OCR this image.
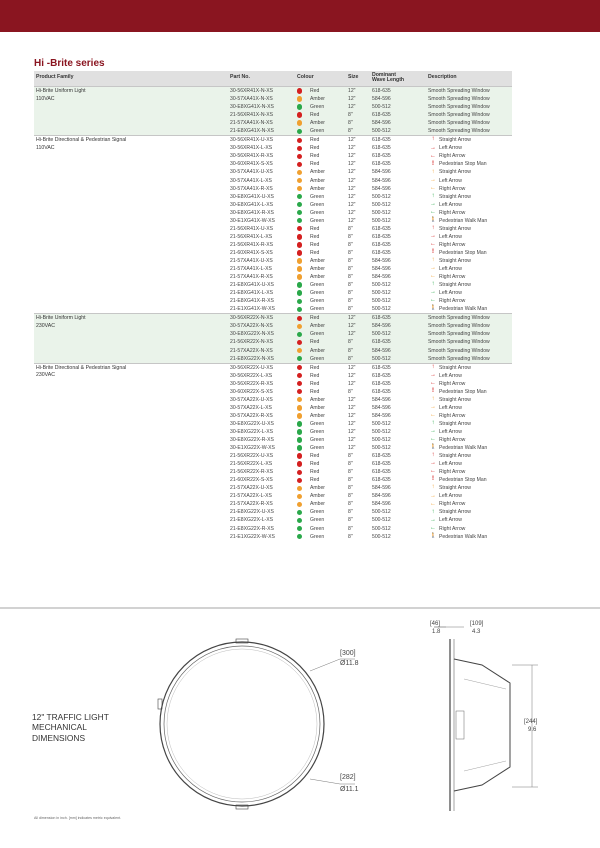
Hi -Brite series
Product Family	Part No.	Colour	Size	Dominant
Wave Length
Description
Hi-Brite Uniform Light
110VAC
30-56XR41X-N-XS	Red	12"	618-635	Smooth Spreading Window
30-57XA41X-N-XS	Amber	12"	584-596	Smooth Spreading Window
30-E8XG41X-N-XS	Green	12"	500-512	Smooth Spreading Window
21-56XR41X-N-XS	Red	8"	618-635	Smooth Spreading Window
21-57XA41X-N-XS	Amber	8"	584-596	Smooth Spreading Window
21-E8XG41X-N-XS	Green	8"	500-512	Smooth Spreading Window
Hi-Brite Directional & Pedestrian Signal
110VAC
30-56XR41X-U-XS	Red	12"	618-635	↑ Straight Arrow
30-56XR41X-L-XS	Red	12"	618-635	→ Left Arrow
30-56XR41X-R-XS	Red	12"	618-635	← Right Arrow
30-60XR41X-S-XS	Red	12"	618-635	! Pedestrian Stop Man
30-57XA41X-U-XS	Amber	12"	584-596	↑ Straight Arrow
30-57XA41X-L-XS	Amber	12"	584-596	→ Left Arrow
30-57XA41X-R-XS	Amber	12"	584-596	← Right Arrow
30-E8XG41X-U-XS	Green	12"	500-512	↑ Straight Arrow
30-E8XG41X-L-XS	Green	12"	500-512	→ Left Arrow
30-E8XG41X-R-XS	Green	12"	500-512	← Right Arrow
30-E1XG41X-W-XS	Green	12"	500-512	🚶 Pedestrian Walk Man
21-56XR41X-U-XS	Red	8"	618-635	↑ Straight Arrow
21-56XR41X-L-XS	Red	8"	618-635	→ Left Arrow
21-56XR41X-R-XS	Red	8"	618-635	← Right Arrow
21-60XR41X-S-XS	Red	8"	618-635	! Pedestrian Stop Man
21-57XA41X-U-XS	Amber	8"	584-596	↑ Straight Arrow
21-57XA41X-L-XS	Amber	8"	584-596	→ Left Arrow
21-57XA41X-R-XS	Amber	8"	584-596	← Right Arrow
21-E8XG41X-U-XS	Green	8"	500-512	↑ Straight Arrow
21-E8XG41X-L-XS	Green	8"	500-512	→ Left Arrow
21-E8XG41X-R-XS	Green	8"	500-512	← Right Arrow
21-E1XG41X-W-XS	Green	8"	500-512	🚶 Pedestrian Walk Man
Hi-Brite Uniform Light
230VAC
30-56XR22X-N-XS	Red	12"	618-635	Smooth Spreading Window
30-57XA22X-N-XS	Amber	12"	584-596	Smooth Spreading Window
30-E8XG22X-N-XS	Green	12"	500-512	Smooth Spreading Window
21-56XR22X-N-XS	Red	8"	618-635	Smooth Spreading Window
21-57XA22X-N-XS	Amber	8"	584-596	Smooth Spreading Window
21-E8XG22X-N-XS	Green	8"	500-512	Smooth Spreading Window
Hi-Brite Directional & Pedestrian Signal
230VAC
30-56XR22X-U-XS	Red	12"	618-635	↑ Straight Arrow
30-56XR22X-L-XS	Red	12"	618-635	→ Left Arrow
30-56XR22X-R-XS	Red	12"	618-635	← Right Arrow
30-60XR22X-S-XS	Red	8"	618-635	! Pedestrian Stop Man
30-57XA22X-U-XS	Amber	12"	584-596	↑ Straight Arrow
30-57XA22X-L-XS	Amber	12"	584-596	→ Left Arrow
30-57XA22X-R-XS	Amber	12"	584-596	← Right Arrow
30-E8XG22X-U-XS	Green	12"	500-512	↑ Straight Arrow
30-E8XG22X-L-XS	Green	12"	500-512	→ Left Arrow
30-E8XG22X-R-XS	Green	12"	500-512	← Right Arrow
30-E1XG22X-W-XS	Green	12"	500-512	🚶 Pedestrian Walk Man
21-56XR22X-U-XS	Red	8"	618-635	↑ Straight Arrow
21-56XR22X-L-XS	Red	8"	618-635	→ Left Arrow
21-56XR22X-R-XS	Red	8"	618-635	← Right Arrow
21-60XR22X-S-XS	Red	8"	618-635	! Pedestrian Stop Man
21-57XA22X-U-XS	Amber	8"	584-596	↑ Straight Arrow
21-57XA22X-L-XS	Amber	8"	584-596	→ Left Arrow
21-57XA22X-R-XS	Amber	8"	584-596	← Right Arrow
21-E8XG22X-U-XS	Green	8"	500-512	↑ Straight Arrow
21-E8XG22X-L-XS	Green	8"	500-512	→ Left Arrow
21-E8XG22X-R-XS	Green	8"	500-512	← Right Arrow
21-E1XG22X-W-XS	Green	8"	500-512	🚶 Pedestrian Walk Man
12" TRAFFIC LIGHT
MECHANICAL
DIMENSIONS
[300]
Ø11.8
[282]
Ø11.1
[46]
1.8
[109]
4.3
[244]
9.6
All dimension in inch. [mm] indicates metric equivalent.
